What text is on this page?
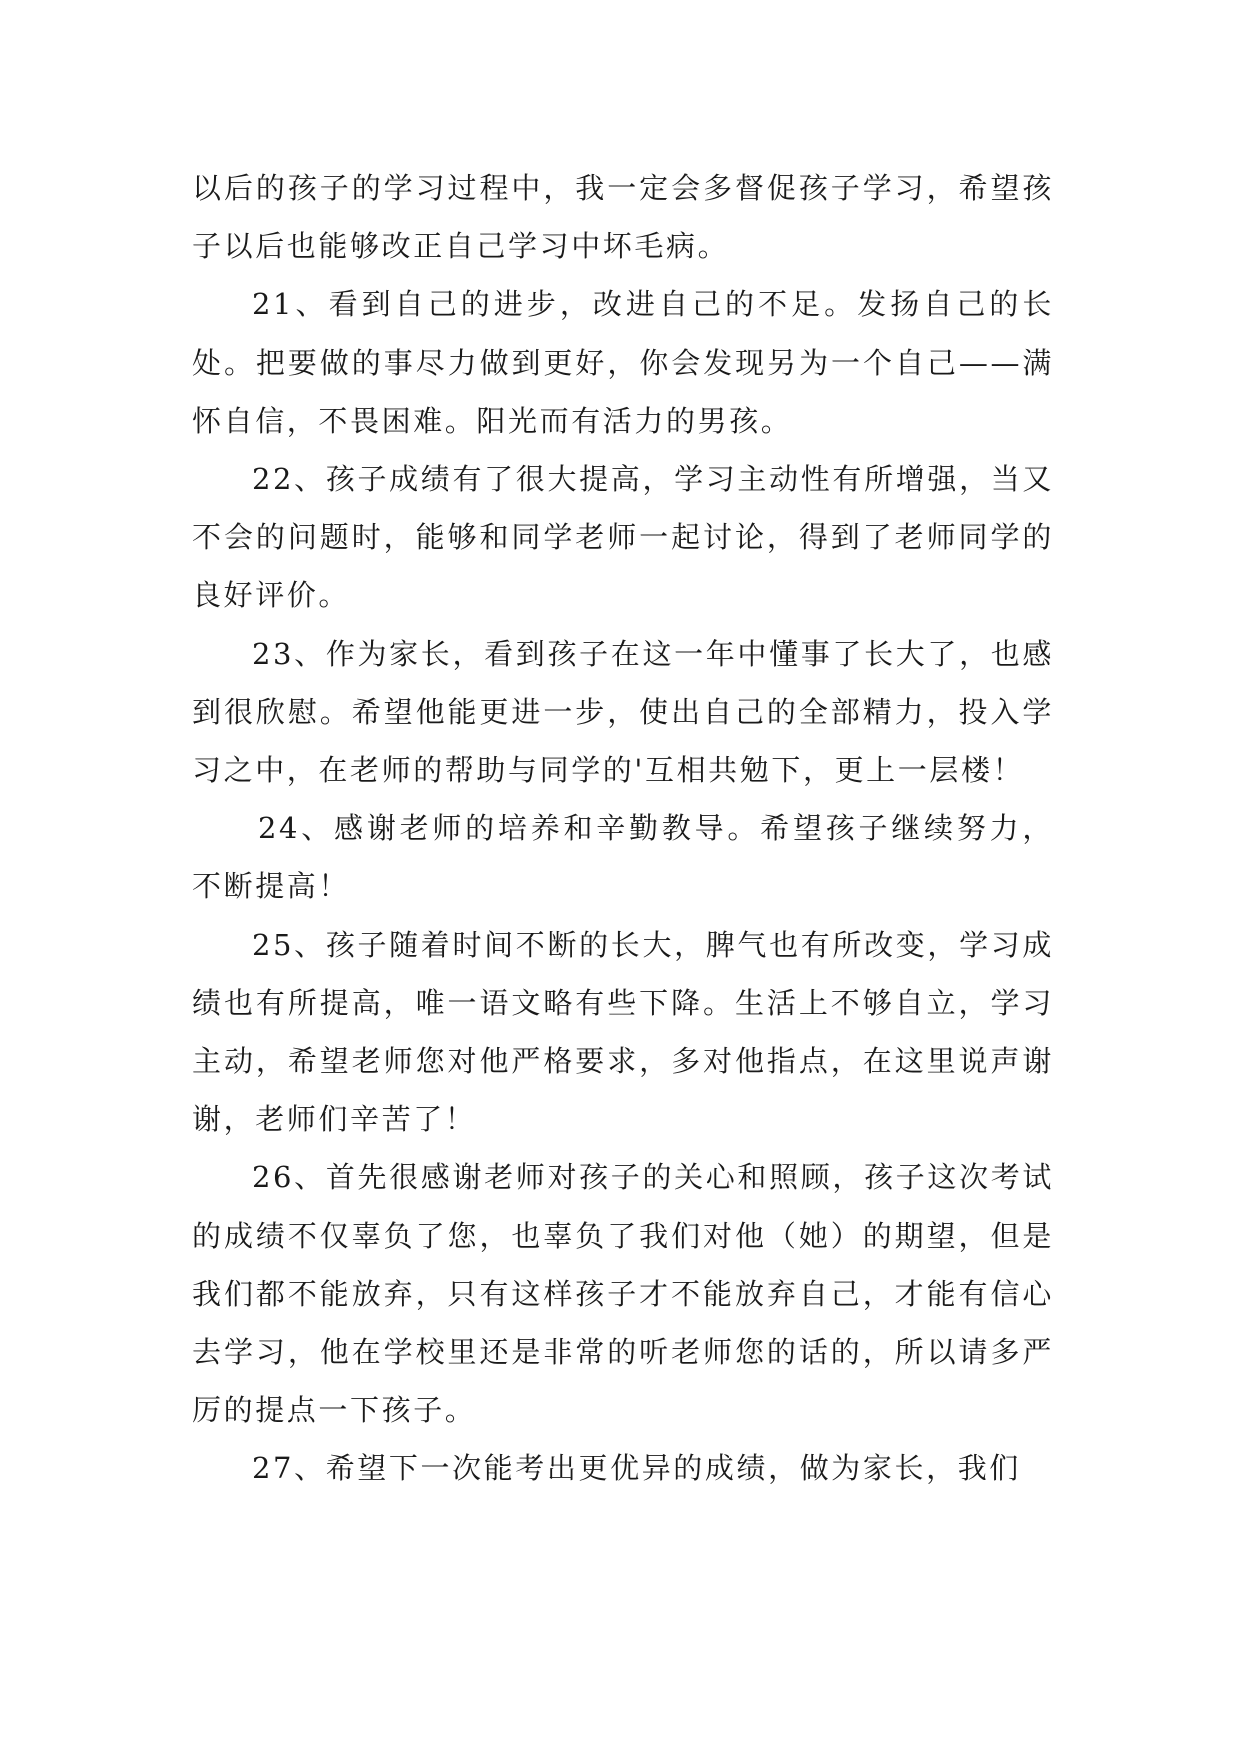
以后的孩子的学习过程中，我一定会多督促孩子学习，希望孩子以后也能够改正自己学习中坏毛病。

21、看到自己的进步，改进自己的不足。发扬自己的长处。把要做的事尽力做到更好，你会发现另为一个自己——满怀自信，不畏困难。阳光而有活力的男孩。

22、孩子成绩有了很大提高，学习主动性有所增强，当又不会的问题时，能够和同学老师一起讨论，得到了老师同学的良好评价。

23、作为家长，看到孩子在这一年中懂事了长大了，也感到很欣慰。希望他能更进一步，使出自己的全部精力，投入学习之中，在老师的帮助与同学的'互相共勉下，更上一层楼！

24、感谢老师的培养和辛勤教导。希望孩子继续努力，不断提高！

25、孩子随着时间不断的长大，脾气也有所改变，学习成绩也有所提高，唯一语文略有些下降。生活上不够自立，学习主动，希望老师您对他严格要求，多对他指点，在这里说声谢谢，老师们辛苦了！

26、首先很感谢老师对孩子的关心和照顾，孩子这次考试的成绩不仅辜负了您，也辜负了我们对他（她）的期望，但是我们都不能放弃，只有这样孩子才不能放弃自己，才能有信心去学习，他在学校里还是非常的听老师您的话的，所以请多严厉的提点一下孩子。

27、希望下一次能考出更优异的成绩，做为家长，我们
